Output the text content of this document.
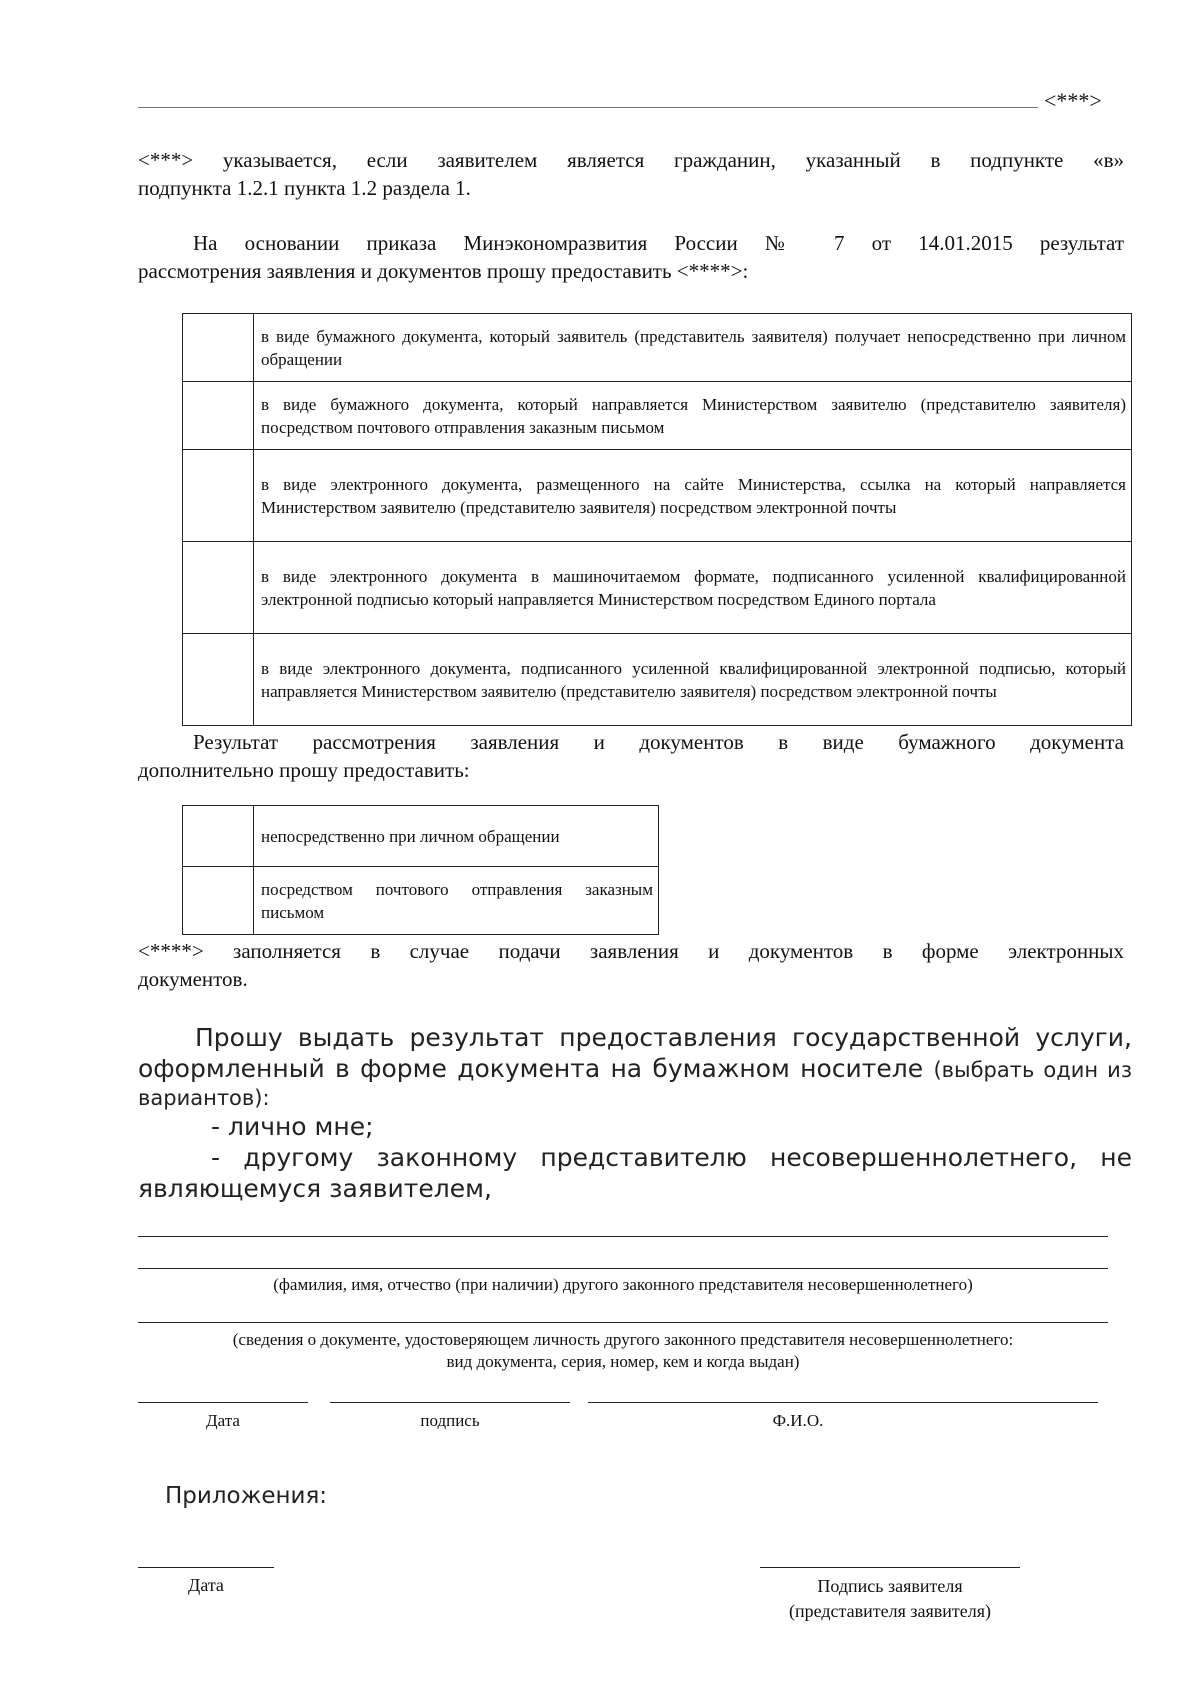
<***>

<***> указывается, если заявителем является гражданин, указанный в подпункте «в»

подпункта 1.2.1 пункта 1.2 раздела 1.

На основании приказа Минэкономразвития России № 7 от 14.01.2015 результат

рассмотрения заявления и документов прошу предоставить <****>:

	в виде бумажного документа, который заявитель (представитель заявителя) получает непосредственно при личном обращении
	в виде бумажного документа, который направляется Министерством заявителю (представителю заявителя) посредством почтового отправления заказным письмом
	в виде электронного документа, размещенного на сайте Министерства, ссылка на который направляется Министерством заявителю (представителю заявителя) посредством электронной почты
	в виде электронного документа в машиночитаемом формате, подписанного усиленной квалифицированной электронной подписью который направляется Министерством посредством Единого портала
	в виде электронного документа, подписанного усиленной квалифицированной электронной подписью, который направляется Министерством заявителю (представителю заявителя) посредством электронной почты

Результат рассмотрения заявления и документов в виде бумажного документа

дополнительно прошу предоставить:

	непосредственно при личном обращении
	посредством почтового отправления заказным письмом

<****> заполняется в случае подачи заявления и документов в форме электронных

документов.

Прошу выдать результат предоставления государственной услуги,

оформленный в форме документа на бумажном носителе (выбрать один из

вариантов):

- лично мне;

- другому законному представителю несовершеннолетнего, не

являющемуся заявителем,

(фамилия, имя, отчество (при наличии) другого законного представителя несовершеннолетнего)
(сведения о документе, удостоверяющем личность другого законного представителя несовершеннолетнего:
вид документа, серия, номер, кем и когда выдан)
Дата	подпись	Ф.И.О.
Приложения:
Дата	Подпись заявителя
(представителя заявителя)
